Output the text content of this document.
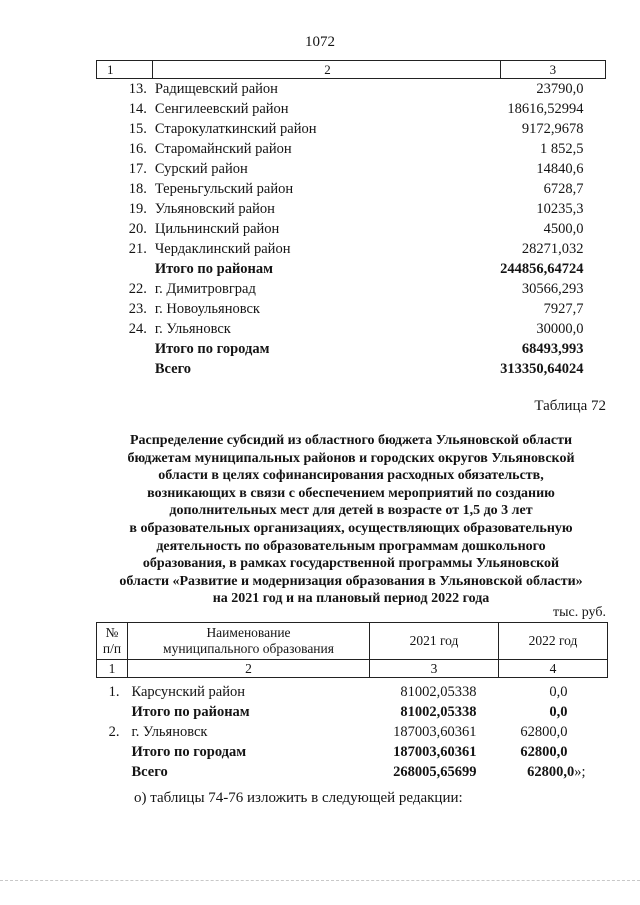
1072
1	2	3
13.	Радищевский район	23790,0
14.	Сенгилеевский район	18616,52994
15.	Старокулаткинский район	9172,9678
16.	Старомайнский район	1 852,5
17.	Сурский район	14840,6
18.	Тереньгульский район	6728,7
19.	Ульяновский район	10235,3
20.	Цильнинский район	4500,0
21.	Чердаклинский район	28271,032
	Итого по районам	244856,64724
22.	г. Димитровград	30566,293
23.	г. Новоульяновск	7927,7
24.	г. Ульяновск	30000,0
	Итого по городам	68493,993
	Всего	313350,64024
Таблица 72
Распределение субсидий из областного бюджета Ульяновской области
бюджетам муниципальных районов и городских округов Ульяновской
области в целях софинансирования расходных обязательств,
возникающих в связи с обеспечением мероприятий по созданию
дополнительных мест для детей в возрасте от 1,5 до 3 лет
в образовательных организациях, осуществляющих образовательную
деятельность по образовательным программам дошкольного
образования, в рамках государственной программы Ульяновской
области «Развитие и модернизация образования в Ульяновской области»
на 2021 год и на плановый период 2022 года
тыс. руб.
№
п/п	Наименование
муниципального образования	2021 год	2022 год
1	2	3	4
1.	Карсунский район	81002,05338	0,0
	Итого по районам	81002,05338	0,0
2.	г. Ульяновск	187003,60361	62800,0
	Итого по городам	187003,60361	62800,0
	Всего	268005,65699	62800,0»;
о) таблицы 74-76 изложить в следующей редакции:
